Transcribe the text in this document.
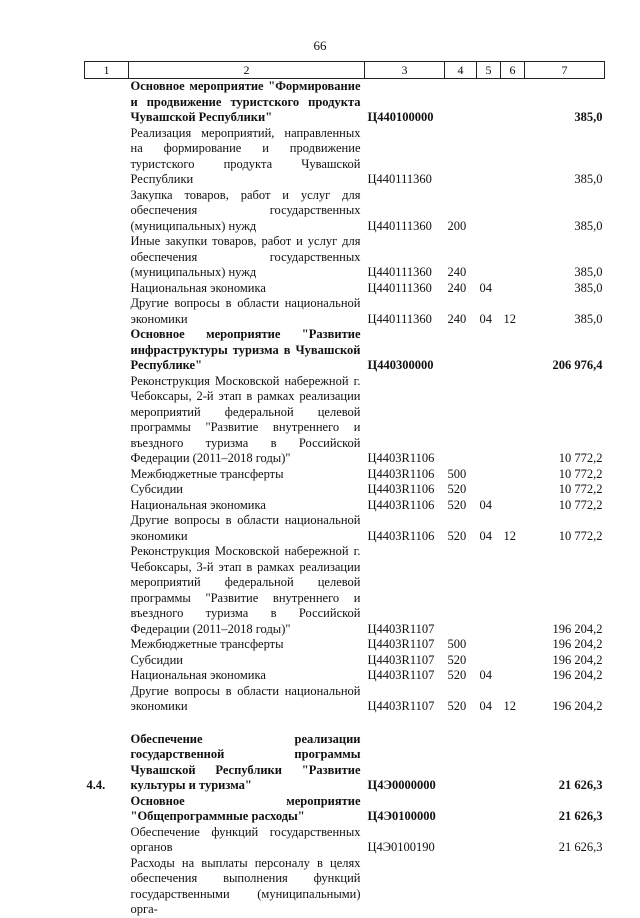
66
1	2	3	4	5	6	7
	Основное мероприятие "Формирование и продвижение туристского продукта Чувашской Республики"	Ц440100000				385,0
	Реализация мероприятий, направленных на формирование и продвижение туристского продукта Чувашской Республики	Ц440111360				385,0
	Закупка товаров, работ и услуг для обеспечения государственных (муниципальных) нужд	Ц440111360	200			385,0
	Иные закупки товаров, работ и услуг для обеспечения государственных (муниципальных) нужд	Ц440111360	240			385,0
	Национальная экономика	Ц440111360	240	04		385,0
	Другие вопросы в области национальной экономики	Ц440111360	240	04	12	385,0
	Основное мероприятие "Развитие инфраструктуры туризма в Чувашской Республике"	Ц440300000				206 976,4
	Реконструкция Московской набережной г. Чебоксары, 2-й этап в рамках реализации мероприятий федеральной целевой программы "Развитие внутреннего и въездного туризма в Российской Федерации (2011–2018 годы)"	Ц4403R1106				10 772,2
	Межбюджетные трансферты	Ц4403R1106	500			10 772,2
	Субсидии	Ц4403R1106	520			10 772,2
	Национальная экономика	Ц4403R1106	520	04		10 772,2
	Другие вопросы в области национальной экономики	Ц4403R1106	520	04	12	10 772,2
	Реконструкция Московской набережной г. Чебоксары, 3-й этап в рамках реализации мероприятий федеральной целевой программы "Развитие внутреннего и въездного туризма в Российской Федерации (2011–2018 годы)"	Ц4403R1107				196 204,2
	Межбюджетные трансферты	Ц4403R1107	500			196 204,2
	Субсидии	Ц4403R1107	520			196 204,2
	Национальная экономика	Ц4403R1107	520	04		196 204,2
	Другие вопросы в области национальной экономики	Ц4403R1107	520	04	12	196 204,2

4.4.	Обеспечение реализации государственной программы Чувашской Республики "Развитие культуры и туризма"	Ц4Э0000000				21 626,3
	Основное мероприятие "Общепрограммные расходы"	Ц4Э0100000				21 626,3
	Обеспечение функций государственных органов	Ц4Э0100190				21 626,3
	Расходы на выплаты персоналу в целях обеспечения выполнения функций государственными (муниципальными) орга-					
